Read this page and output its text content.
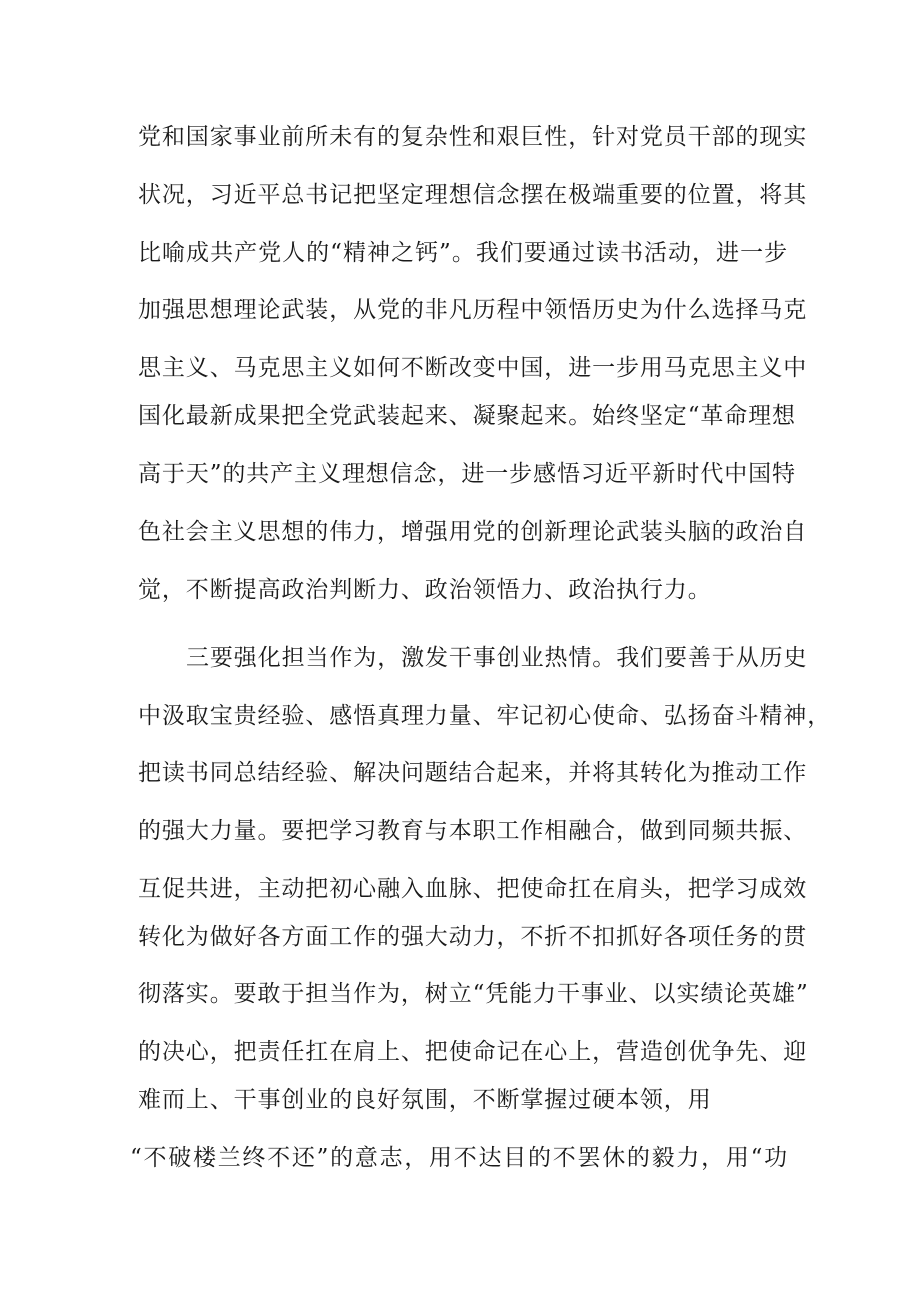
党和国家事业前所未有的复杂性和艰巨性，针对党员干部的现实
状况，习近平总书记把坚定理想信念摆在极端重要的位置，将其
比喻成共产党人的“精神之钙”。我们要通过读书活动，进一步
加强思想理论武装，从党的非凡历程中领悟历史为什么选择马克
思主义、马克思主义如何不断改变中国，进一步用马克思主义中
国化最新成果把全党武装起来、凝聚起来。始终坚定“革命理想
高于天”的共产主义理想信念，进一步感悟习近平新时代中国特
色社会主义思想的伟力，增强用党的创新理论武装头脑的政治自
觉，不断提高政治判断力、政治领悟力、政治执行力。
三要强化担当作为，激发干事创业热情。我们要善于从历史
中汲取宝贵经验、感悟真理力量、牢记初心使命、弘扬奋斗精神，
把读书同总结经验、解决问题结合起来，并将其转化为推动工作
的强大力量。要把学习教育与本职工作相融合，做到同频共振、
互促共进，主动把初心融入血脉、把使命扛在肩头，把学习成效
转化为做好各方面工作的强大动力，不折不扣抓好各项任务的贯
彻落实。要敢于担当作为，树立“凭能力干事业、以实绩论英雄”
的决心，把责任扛在肩上、把使命记在心上，营造创优争先、迎
难而上、干事创业的良好氛围，不断掌握过硬本领，用
“不破楼兰终不还”的意志，用不达目的不罢休的毅力，用“功
